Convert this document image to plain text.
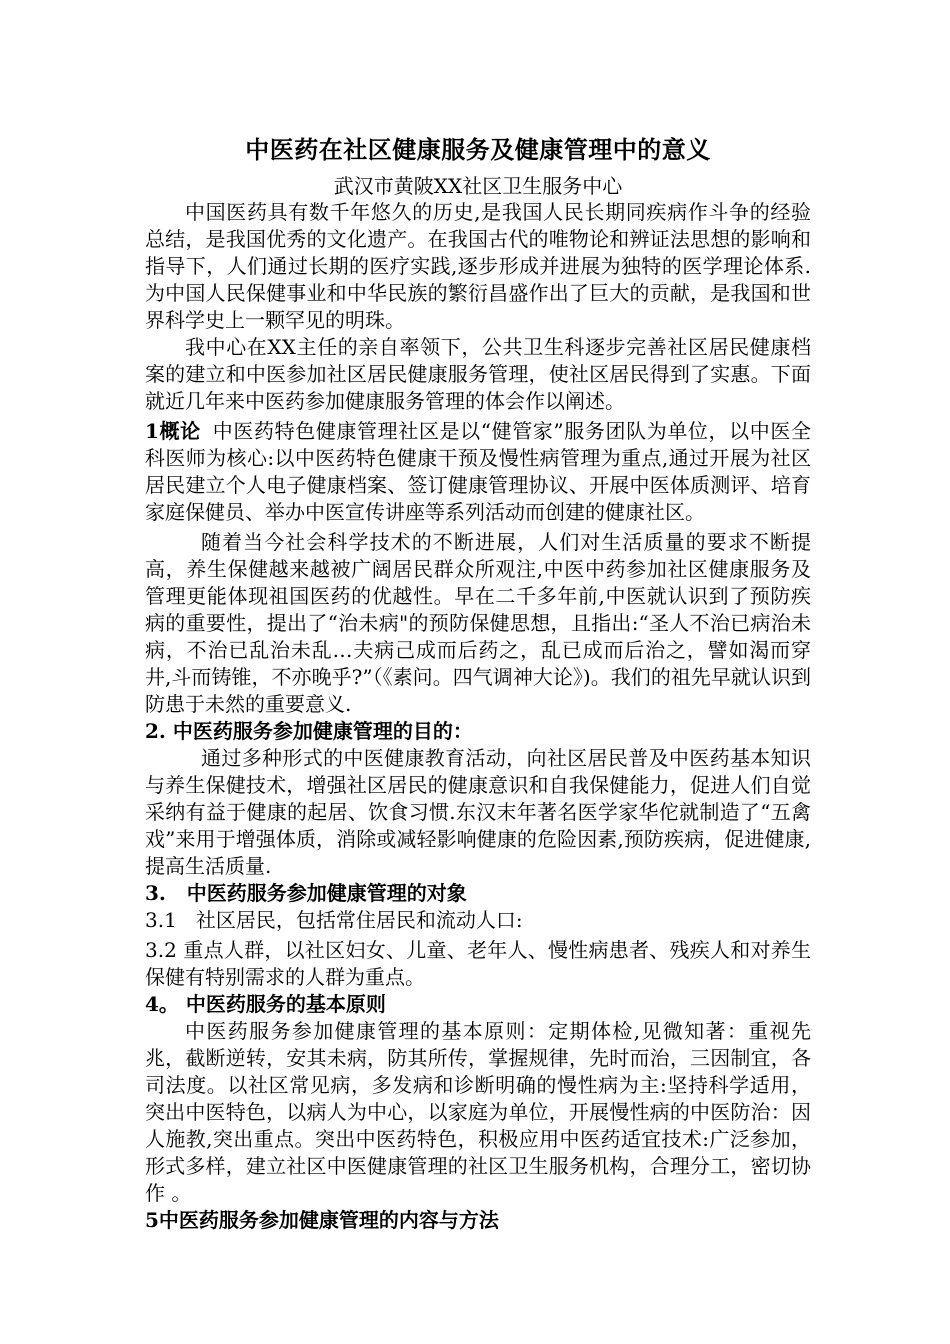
中医药在社区健康服务及健康管理中的意义

武汉市黄陂XX社区卫生服务中心

中国医药具有数千年悠久的历史,是我国人民长期同疾病作斗争的经验总结，是我国优秀的文化遗产。在我国古代的唯物论和辨证法思想的影响和指导下，人们通过长期的医疗实践,逐步形成并进展为独特的医学理论体系.为中国人民保健事业和中华民族的繁衍昌盛作出了巨大的贡献，是我国和世界科学史上一颗罕见的明珠。

我中心在XX主任的亲自率领下，公共卫生科逐步完善社区居民健康档案的建立和中医参加社区居民健康服务管理，使社区居民得到了实惠。下面就近几年来中医药参加健康服务管理的体会作以阐述。

1概论 中医药特色健康管理社区是以“健管家”服务团队为单位，以中医全科医师为核心:以中医药特色健康干预及慢性病管理为重点,通过开展为社区居民建立个人电子健康档案、签订健康管理协议、开展中医体质测评、培育家庭保健员、举办中医宣传讲座等系列活动而创建的健康社区。

随着当今社会科学技术的不断进展，人们对生活质量的要求不断提高，养生保健越来越被广阔居民群众所观注,中医中药参加社区健康服务及管理更能体现祖国医药的优越性。早在二千多年前,中医就认识到了预防疾病的重要性，提出了“治未病"的预防保健思想，且指出:“圣人不治已病治未病，不治已乱治未乱…夫病己成而后药之，乱已成而后治之，譬如渴而穿井,斗而铸锥，不亦晚乎?”（《素问。四气调神大论》)。我们的祖先早就认识到防患于未然的重要意义.

2. 中医药服务参加健康管理的目的：

通过多种形式的中医健康教育活动，向社区居民普及中医药基本知识与养生保健技术，增强社区居民的健康意识和自我保健能力，促进人们自觉采纳有益于健康的起居、饮食习惯.东汉末年著名医学家华佗就制造了“五禽戏”来用于增强体质，消除或减轻影响健康的危险因素,预防疾病，促进健康,提高生活质量.

3.   中医药服务参加健康管理的对象

3.1   社区居民，包括常住居民和流动人口:

3.2 重点人群，以社区妇女、儿童、老年人、慢性病患者、残疾人和对养生保健有特别需求的人群为重点。

4。 中医药服务的基本原则

中医药服务参加健康管理的基本原则：定期体检,见微知著：重视先兆，截断逆转，安其未病，防其所传，掌握规律，先时而治，三因制宜，各司法度。以社区常见病，多发病和诊断明确的慢性病为主:坚持科学适用，突出中医特色，以病人为中心，以家庭为单位，开展慢性病的中医防治：因人施教,突出重点。突出中医药特色，积极应用中医药适宜技术:广泛参加，形式多样，建立社区中医健康管理的社区卫生服务机构，合理分工，密切协作 。

5中医药服务参加健康管理的内容与方法
